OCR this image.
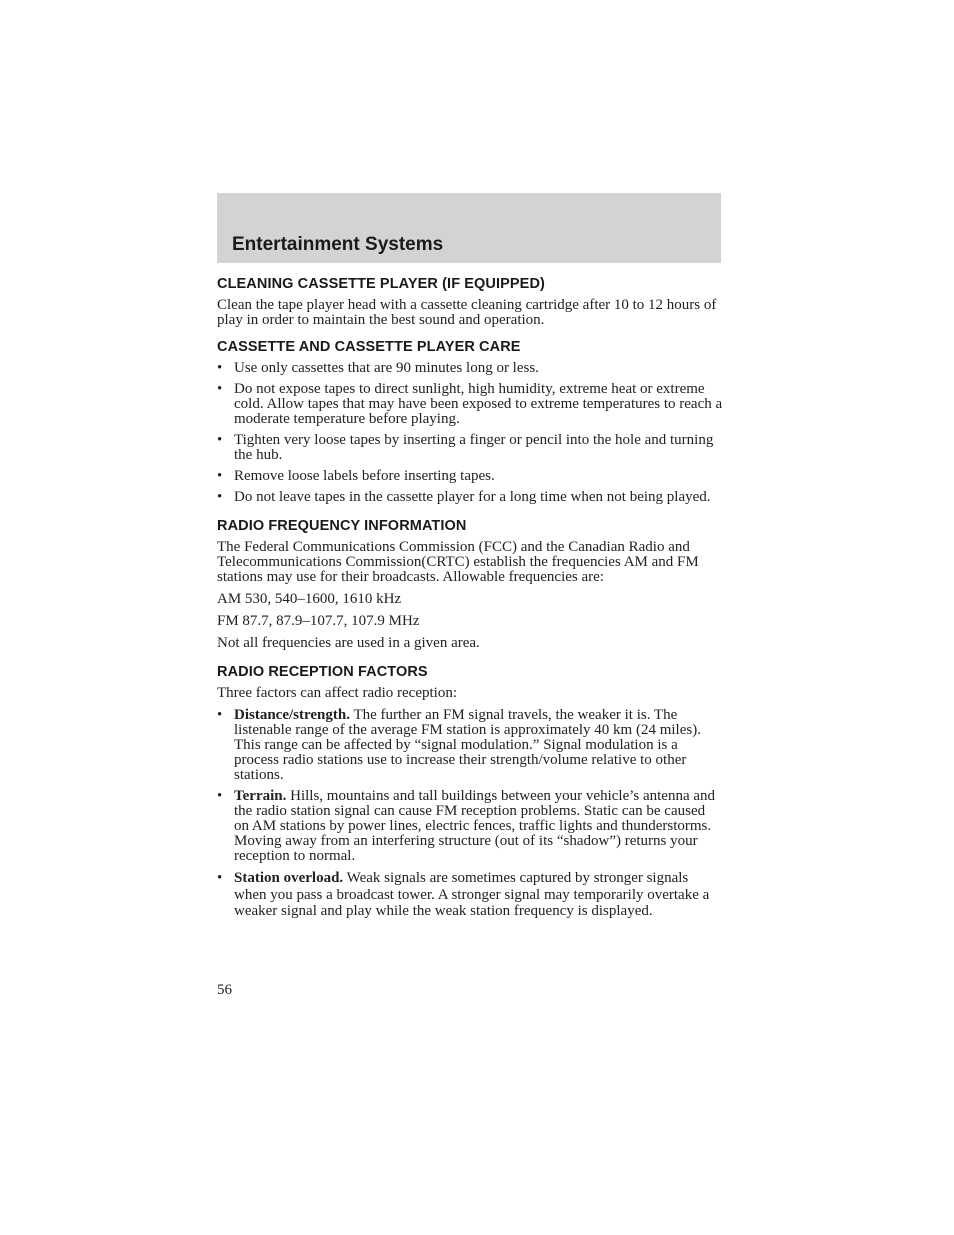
Entertainment Systems
CLEANING CASSETTE PLAYER (IF EQUIPPED)

Clean the tape player head with a cassette cleaning cartridge after 10 to 12 hours of play in order to maintain the best sound and operation.

CASSETTE AND CASSETTE PLAYER CARE
• Use only cassettes that are 90 minutes long or less.
• Do not expose tapes to direct sunlight, high humidity, extreme heat or extreme cold. Allow tapes that may have been exposed to extreme temperatures to reach a moderate temperature before playing.
• Tighten very loose tapes by inserting a finger or pencil into the hole and turning the hub.
• Remove loose labels before inserting tapes.
• Do not leave tapes in the cassette player for a long time when not being played.
RADIO FREQUENCY INFORMATION

The Federal Communications Commission (FCC) and the Canadian Radio and Telecommunications Commission(CRTC) establish the frequencies AM and FM stations may use for their broadcasts. Allowable frequencies are:

AM 530, 540–1600, 1610 kHz

FM 87.7, 87.9–107.7, 107.9 MHz

Not all frequencies are used in a given area.

RADIO RECEPTION FACTORS

Three factors can affect radio reception:

• Distance/strength. The further an FM signal travels, the weaker it is. The listenable range of the average FM station is approximately 40 km (24 miles). This range can be affected by “signal modulation.” Signal modulation is a process radio stations use to increase their strength/volume relative to other stations.
• Terrain. Hills, mountains and tall buildings between your vehicle’s antenna and the radio station signal can cause FM reception problems. Static can be caused on AM stations by power lines, electric fences, traffic lights and thunderstorms. Moving away from an interfering structure (out of its “shadow”) returns your reception to normal.
• Station overload. Weak signals are sometimes captured by stronger signals when you pass a broadcast tower. A stronger signal may temporarily overtake a weaker signal and play while the weak station frequency is displayed.
56
